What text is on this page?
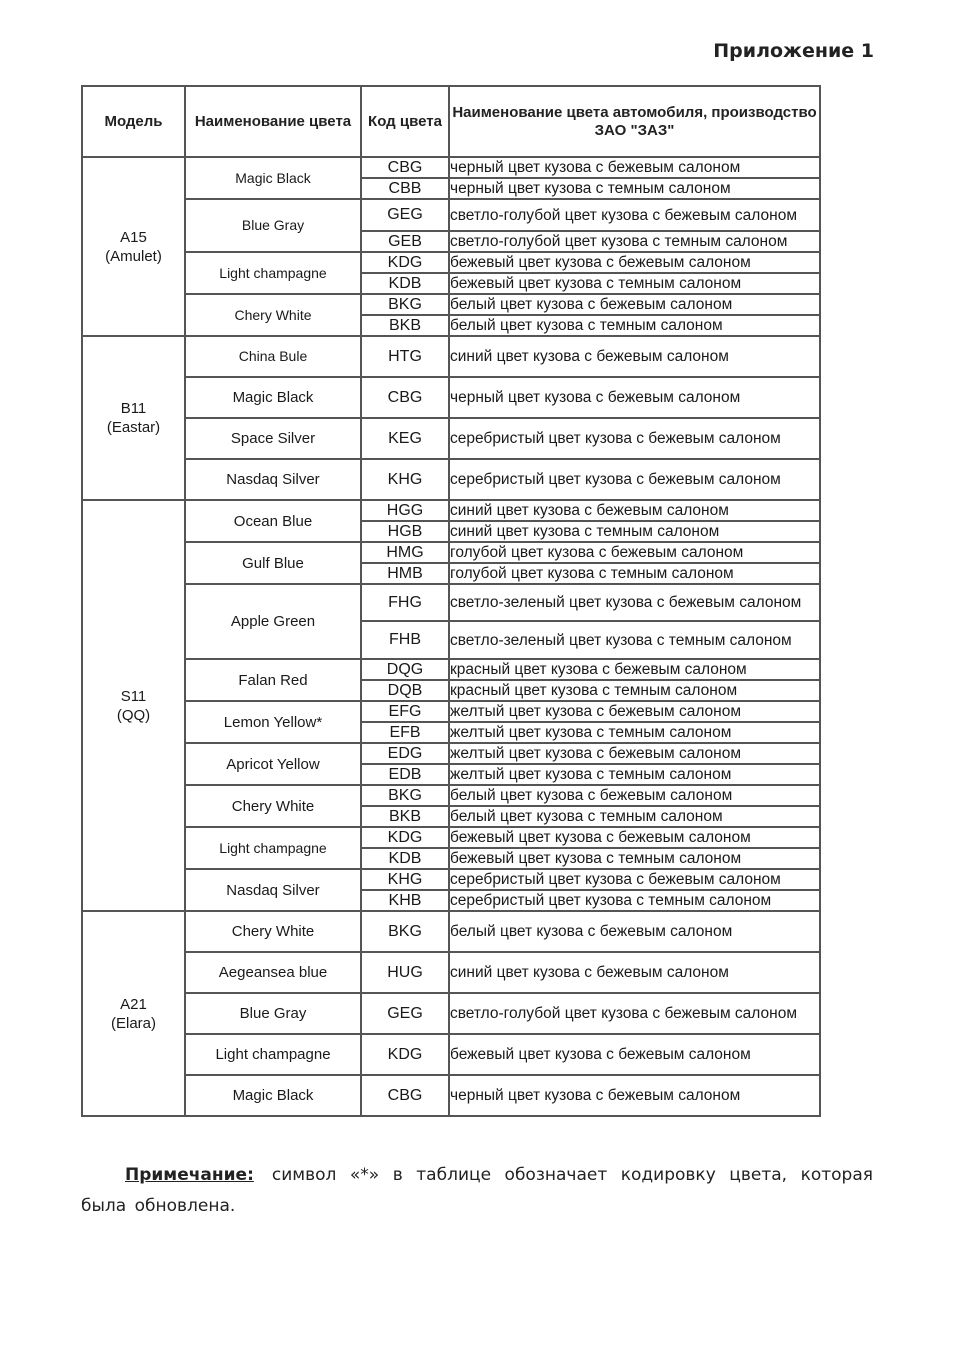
Приложение 1
Модель	Наименование цвета	Код цвета	Наименование цвета автомобиля, производство ЗАО "ЗАЗ"

A15
(Amulet)	Magic Black	CBG	черный цвет кузова с бежевым салоном
		CBB	черный цвет кузова с темным салоном
	Blue Gray	GEG	светло-голубой цвет кузова с бежевым салоном
		GEB	светло-голубой цвет кузова с темным салоном
	Light champagne	KDG	бежевый цвет кузова с бежевым салоном
		KDB	бежевый цвет кузова с темным салоном
	Chery White	BKG	белый цвет кузова с бежевым салоном
		BKB	белый цвет кузова с темным салоном

B11
(Eastar)	China Bule	HTG	синий цвет кузова с бежевым салоном
	Magic Black	CBG	черный цвет кузова с бежевым салоном
	Space Silver	KEG	серебристый цвет кузова с бежевым салоном
	Nasdaq Silver	KHG	серебристый цвет кузова с бежевым салоном

S11
(QQ)	Ocean Blue	HGG	синий цвет кузова с бежевым салоном
		HGB	синий цвет кузова с темным салоном
	Gulf Blue	HMG	голубой цвет кузова с бежевым салоном
		HMB	голубой цвет кузова с темным салоном
	Apple Green	FHG	светло-зеленый цвет кузова с бежевым салоном
		FHB	светло-зеленый цвет кузова с темным салоном
	Falan Red	DQG	красный цвет кузова с бежевым салоном
		DQB	красный цвет кузова с темным салоном
	Lemon Yellow*	EFG	желтый цвет кузова с бежевым салоном
		EFB	желтый цвет кузова с темным салоном
	Apricot Yellow	EDG	желтый цвет кузова с бежевым салоном
		EDB	желтый цвет кузова с темным салоном
	Chery White	BKG	белый цвет кузова с бежевым салоном
		BKB	белый цвет кузова с темным салоном
	Light champagne	KDG	бежевый цвет кузова с бежевым салоном
		KDB	бежевый цвет кузова с темным салоном
	Nasdaq Silver	KHG	серебристый цвет кузова с бежевым салоном
		KHB	серебристый цвет кузова с темным салоном

A21
(Elara)	Chery White	BKG	белый цвет кузова с бежевым салоном
	Aegeansea blue	HUG	синий цвет кузова с бежевым салоном
	Blue Gray	GEG	светло-голубой цвет кузова с бежевым салоном
	Light champagne	KDG	бежевый цвет кузова с бежевым салоном
	Magic Black	CBG	черный цвет кузова с бежевым салоном
Примечание: символ «*» в таблице обозначает кодировку цвета, которая была обновлена.
